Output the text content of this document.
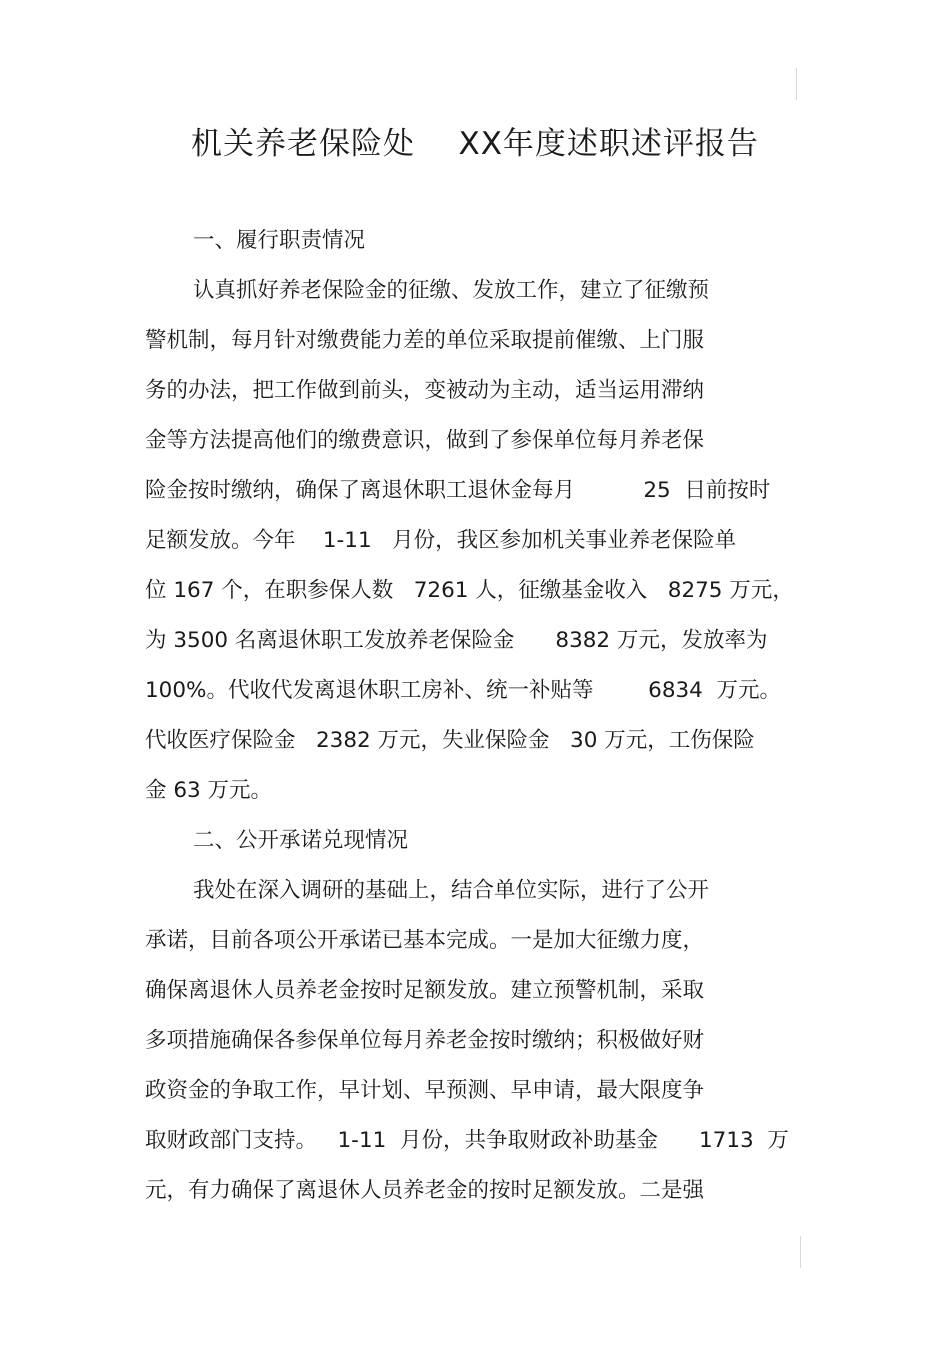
机关养老保险处    XX年度述职述评报告
一、履行职责情况
认真抓好养老保险金的征缴、发放工作，建立了征缴预
警机制，每月针对缴费能力差的单位采取提前催缴、上门服
务的办法，把工作做到前头，变被动为主动，适当运用滞纳
金等方法提高他们的缴费意识，做到了参保单位每月养老保
险金按时缴纳，确保了离退休职工退休金每月          25  日前按时
足额发放。今年    1-11   月份，我区参加机关事业养老保险单
位 167 个，在职参保人数   7261 人，征缴基金收入   8275 万元，
为 3500 名离退休职工发放养老保险金      8382 万元，发放率为
100%。代收代发离退休职工房补、统一补贴等        6834  万元。
代收医疗保险金   2382 万元，失业保险金   30 万元，工伤保险
金 63 万元。
二、公开承诺兑现情况
我处在深入调研的基础上，结合单位实际，进行了公开
承诺，目前各项公开承诺已基本完成。一是加大征缴力度，
确保离退休人员养老金按时足额发放。建立预警机制，采取
多项措施确保各参保单位每月养老金按时缴纳；积极做好财
政资金的争取工作，早计划、早预测、早申请，最大限度争
取财政部门支持。   1-11  月份，共争取财政补助基金      1713  万
元，有力确保了离退休人员养老金的按时足额发放。二是强
